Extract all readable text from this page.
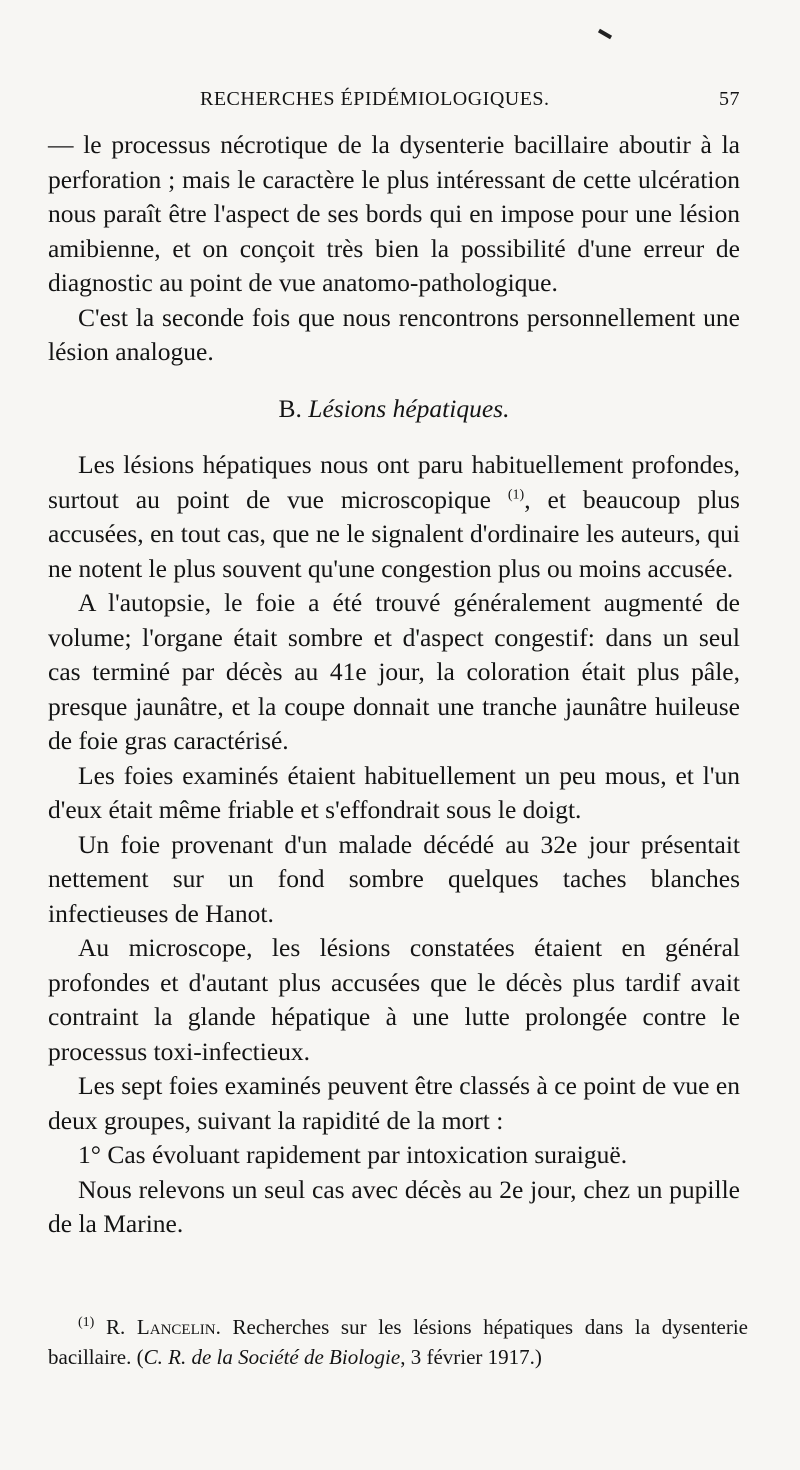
RECHERCHES ÉPIDÉMIOLOGIQUES.	57

— le processus nécrotique de la dysenterie bacillaire aboutir à la perforation ; mais le caractère le plus intéressant de cette ulcération nous paraît être l'aspect de ses bords qui en impose pour une lésion amibienne, et on conçoit très bien la possibilité d'une erreur de diagnostic au point de vue anatomo-pathologique.

C'est la seconde fois que nous rencontrons personnellement une lésion analogue.

B. Lésions hépatiques.

Les lésions hépatiques nous ont paru habituellement profondes, surtout au point de vue microscopique $^{(1)}$, et beaucoup plus accusées, en tout cas, que ne le signalent d'ordinaire les auteurs, qui ne notent le plus souvent qu'une congestion plus ou moins accusée.

A l'autopsie, le foie a été trouvé généralement augmenté de volume; l'organe était sombre et d'aspect congestif: dans un seul cas terminé par décès au 41e jour, la coloration était plus pâle, presque jaunâtre, et la coupe donnait une tranche jaunâtre huileuse de foie gras caractérisé.

Les foies examinés étaient habituellement un peu mous, et l'un d'eux était même friable et s'effondrait sous le doigt.

Un foie provenant d'un malade décédé au 32e jour présentait nettement sur un fond sombre quelques taches blanches infectieuses de Hanot.

Au microscope, les lésions constatées étaient en général profondes et d'autant plus accusées que le décès plus tardif avait contraint la glande hépatique à une lutte prolongée contre le processus toxi-infectieux.

Les sept foies examinés peuvent être classés à ce point de vue en deux groupes, suivant la rapidité de la mort :

1° Cas évoluant rapidement par intoxication suraiguë.

Nous relevons un seul cas avec décès au 2e jour, chez un pupille de la Marine.

$^{(1)}$ R. Lancelin. Recherches sur les lésions hépatiques dans la dysenterie bacillaire. (C. R. de la Société de Biologie, 3 février 1917.)
